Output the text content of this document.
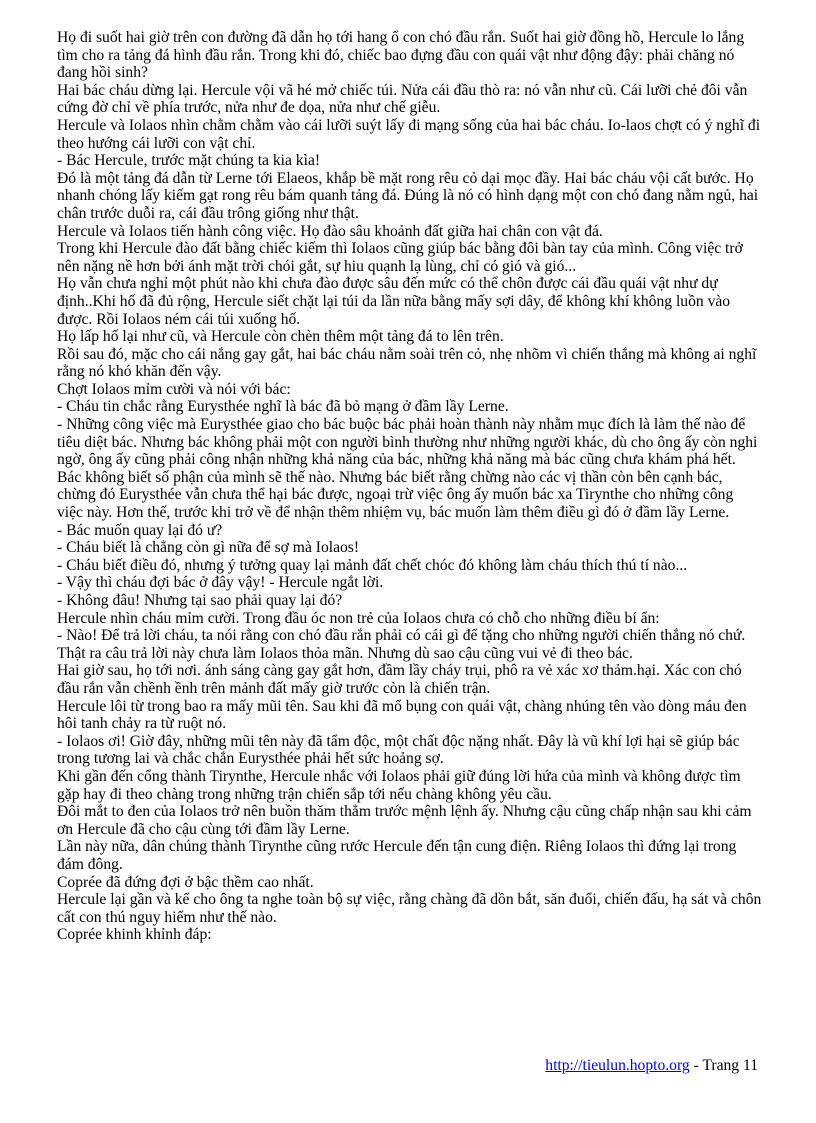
Họ đi suốt hai giờ trên con đường đã dẫn họ tới hang ổ con chó đầu rắn. Suốt hai giờ đồng hồ, Hercule lo lắng tìm cho ra tảng đá hình đầu rắn. Trong khi đó, chiếc bao đựng đầu con quái vật như động đậy: phải chăng nó đang hồi sinh?

Hai bác cháu dừng lại. Hercule vội vã hé mở chiếc túi. Nửa cái đầu thò ra: nó vẫn như cũ. Cái lưỡi chẻ đôi vẫn cứng đờ chỉ về phía trước, nửa như đe dọa, nửa như chế giễu.

Hercule và Iolaos nhìn chằm chằm vào cái lưỡi suýt lấy đi mạng sống của hai bác cháu. Io-laos chợt có ý nghĩ đi theo hướng cái lưỡi con vật chỉ.

- Bác Hercule, trước mặt chúng ta kia kìa!

Đó là một tảng đá dẫn từ Lerne tới Elaeos, khắp bề mặt rong rêu cỏ dại mọc đầy. Hai bác cháu vội cất bước. Họ nhanh chóng lấy kiếm gạt rong rêu bám quanh tảng đá. Đúng là nó có hình dạng một con chó đang nằm ngủ, hai chân trước duỗi ra, cái đầu trông giống như thật.

Hercule và Iolaos tiến hành công việc. Họ đào sâu khoảnh đất giữa hai chân con vật đá.

Trong khi Hercule đào đất bằng chiếc kiếm thì Iolaos cũng giúp bác bằng đôi bàn tay của mình. Công việc trở nên nặng nề hơn bởi ánh mặt trời chói gắt, sự hiu quạnh lạ lùng, chỉ có gió và gió...

Họ vẫn chưa nghỉ một phút nào khi chưa đào được sâu đến mức có thể chôn được cái đầu quái vật như dự định..Khi hố đã đủ rộng, Hercule siết chặt lại túi da lần nữa bằng mấy sợi dây, để không khí không luồn vào được. Rồi Iolaos ném cái túi xuống hố.

Họ lấp hố lại như cũ, và Hercule còn chèn thêm một tảng đá to lên trên.

Rồi sau đó, mặc cho cái nắng gay gắt, hai bác cháu nằm soài trên cỏ, nhẹ nhõm vì chiến thắng mà không ai nghĩ rằng nó khó khăn đến vậy.

Chợt Iolaos mỉm cười và nói với bác:

- Cháu tin chắc rằng Eurysthée nghĩ là bác đã bỏ mạng ở đầm lầy Lerne.

- Những công việc mà Eurysthée giao cho bác buộc bác phải hoàn thành này nhằm mục đích là làm thế nào để tiêu diệt bác. Nhưng bác không phải một con người bình thường như những người khác, dù cho ông ấy còn nghi ngờ, ông ấy cũng phải công nhận những khả năng của bác, những khả năng mà bác cũng chưa khám phá hết. Bác không biết số phận của mình sẽ thế nào. Nhưng bác biết rằng chừng nào các vị thần còn bên cạnh bác, chừng đó Eurysthée vẫn chưa thể hại bác được, ngoại trừ việc ông ấy muốn bác xa Tirynthe cho những công việc này. Hơn thế, trước khi trở về để nhận thêm nhiệm vụ, bác muốn làm thêm điều gì đó ở đầm lầy Lerne.

- Bác muốn quay lại đó ư?

- Cháu biết là chẳng còn gì nữa để sợ mà Iolaos!

- Cháu biết điều đó, nhưng ý tưởng quay lại mảnh đất chết chóc đó không làm cháu thích thú tí nào...

- Vậy thì cháu đợi bác ở đây vậy! - Hercule ngắt lời.

- Không đâu! Nhưng tại sao phải quay lại đó?

Hercule nhìn cháu mỉm cười. Trong đầu óc non trẻ của Iolaos chưa có chỗ cho những điều bí ẩn:

- Nào! Để trả lời cháu, ta nói rằng con chó đầu rắn phải có cái gì để tặng cho những người chiến thắng nó chứ.

Thật ra câu trả lời này chưa làm Iolaos thỏa mãn. Nhưng dù sao cậu cũng vui vẻ đi theo bác.

Hai giờ sau, họ tới nơi. ánh sáng càng gay gắt hơn, đầm lầy cháy trụi, phô ra vẻ xác xơ thảm.hại. Xác con chó đầu rắn vẫn chềnh ềnh trên mảnh đất mấy giờ trước còn là chiến trận.

Hercule lôi từ trong bao ra mấy mũi tên. Sau khi đã mổ bụng con quái vật, chàng nhúng tên vào dòng máu đen hôi tanh chảy ra từ ruột nó.

- Iolaos ơi! Giờ đây, những mũi tên này đã tẩm độc, một chất độc nặng nhất. Đây là vũ khí lợi hại sẽ giúp bác trong tương lai và chắc chắn Eurysthée phải hết sức hoảng sợ.

Khi gần đến cổng thành Tirynthe, Hercule nhắc với Iolaos phải giữ đúng lời hứa của mình và không được tìm gặp hay đi theo chàng trong những trận chiến sắp tới nếu chàng không yêu cầu.

Đôi mắt to đen của Iolaos trở nên buồn thăm thẳm trước mệnh lệnh ấy. Nhưng cậu cũng chấp nhận sau khi cảm ơn Hercule đã cho cậu cùng tới đầm lầy Lerne.

Lần này nữa, dân chúng thành Tirynthe cũng rước Hercule đến tận cung điện. Riêng Iolaos thì đứng lại trong đám đông.

Coprée đã đứng đợi ở bậc thềm cao nhất.

Hercule lại gần và kể cho ông ta nghe toàn bộ sự việc, rằng chàng đã dồn bắt, săn đuổi, chiến đấu, hạ sát và chôn cất con thú nguy hiểm như thế nào.

Coprée khinh khỉnh đáp:

http://tieulun.hopto.org - Trang 11
